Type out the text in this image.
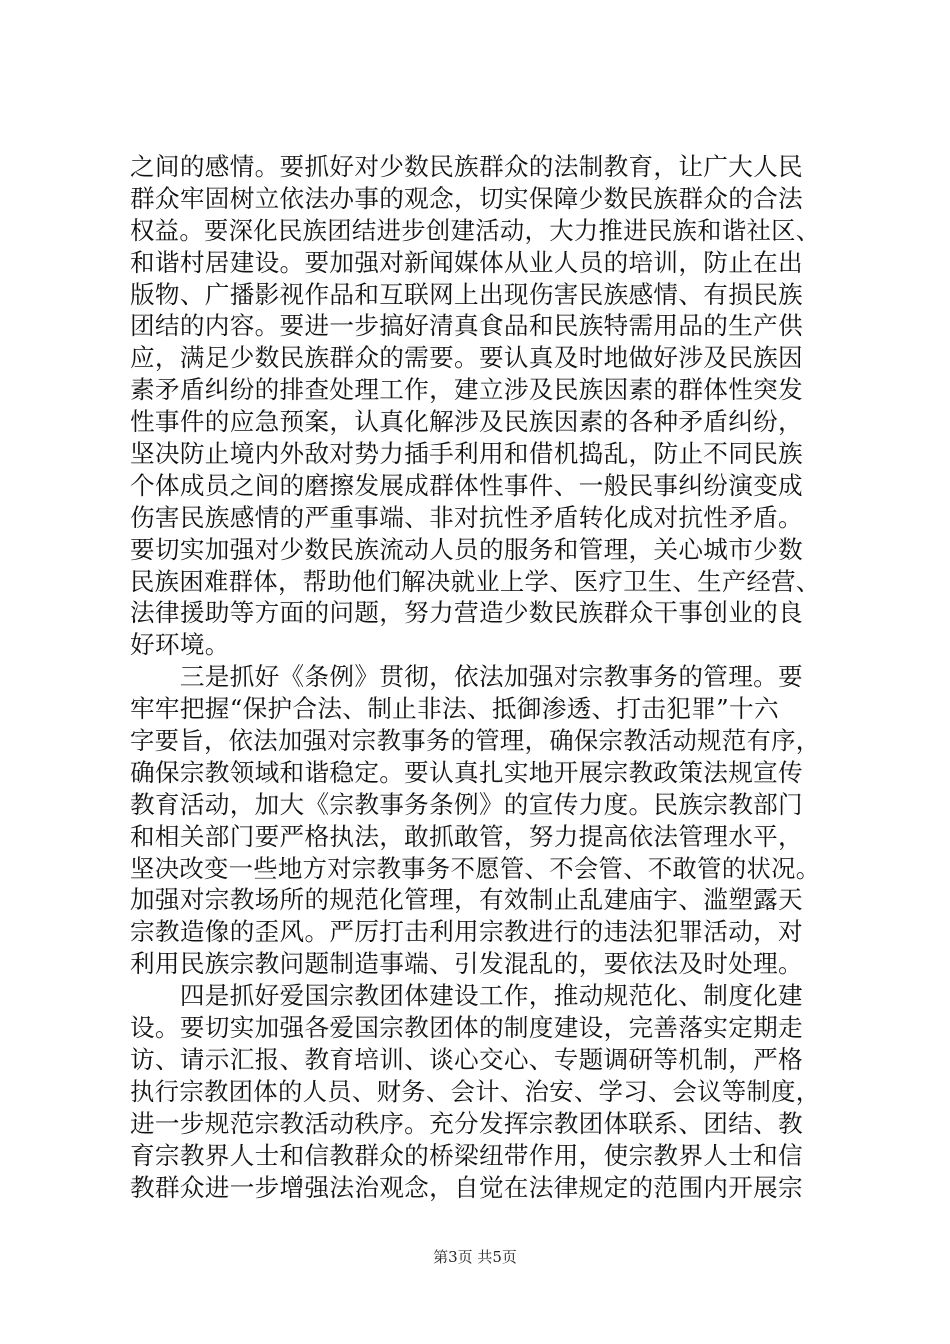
之间的感情。要抓好对少数民族群众的法制教育，让广大人民
群众牢固树立依法办事的观念，切实保障少数民族群众的合法
权益。要深化民族团结进步创建活动，大力推进民族和谐社区、
和谐村居建设。要加强对新闻媒体从业人员的培训，防止在出
版物、广播影视作品和互联网上出现伤害民族感情、有损民族
团结的内容。要进一步搞好清真食品和民族特需用品的生产供
应，满足少数民族群众的需要。要认真及时地做好涉及民族因
素矛盾纠纷的排查处理工作，建立涉及民族因素的群体性突发
性事件的应急预案，认真化解涉及民族因素的各种矛盾纠纷，
坚决防止境内外敌对势力插手利用和借机捣乱，防止不同民族
个体成员之间的磨擦发展成群体性事件、一般民事纠纷演变成
伤害民族感情的严重事端、非对抗性矛盾转化成对抗性矛盾。
要切实加强对少数民族流动人员的服务和管理，关心城市少数
民族困难群体，帮助他们解决就业上学、医疗卫生、生产经营、
法律援助等方面的问题，努力营造少数民族群众干事创业的良
好环境。
　　三是抓好《条例》贯彻，依法加强对宗教事务的管理。要
牢牢把握“保护合法、制止非法、抵御渗透、打击犯罪”十六
字要旨，依法加强对宗教事务的管理，确保宗教活动规范有序，
确保宗教领域和谐稳定。要认真扎实地开展宗教政策法规宣传
教育活动，加大《宗教事务条例》的宣传力度。民族宗教部门
和相关部门要严格执法，敢抓敢管，努力提高依法管理水平，
坚决改变一些地方对宗教事务不愿管、不会管、不敢管的状况。
加强对宗教场所的规范化管理，有效制止乱建庙宇、滥塑露天
宗教造像的歪风。严厉打击利用宗教进行的违法犯罪活动，对
利用民族宗教问题制造事端、引发混乱的，要依法及时处理。
　　四是抓好爱国宗教团体建设工作，推动规范化、制度化建
设。要切实加强各爱国宗教团体的制度建设，完善落实定期走
访、请示汇报、教育培训、谈心交心、专题调研等机制，严格
执行宗教团体的人员、财务、会计、治安、学习、会议等制度，
进一步规范宗教活动秩序。充分发挥宗教团体联系、团结、教
育宗教界人士和信教群众的桥梁纽带作用，使宗教界人士和信
教群众进一步增强法治观念，自觉在法律规定的范围内开展宗
第3页 共5页
